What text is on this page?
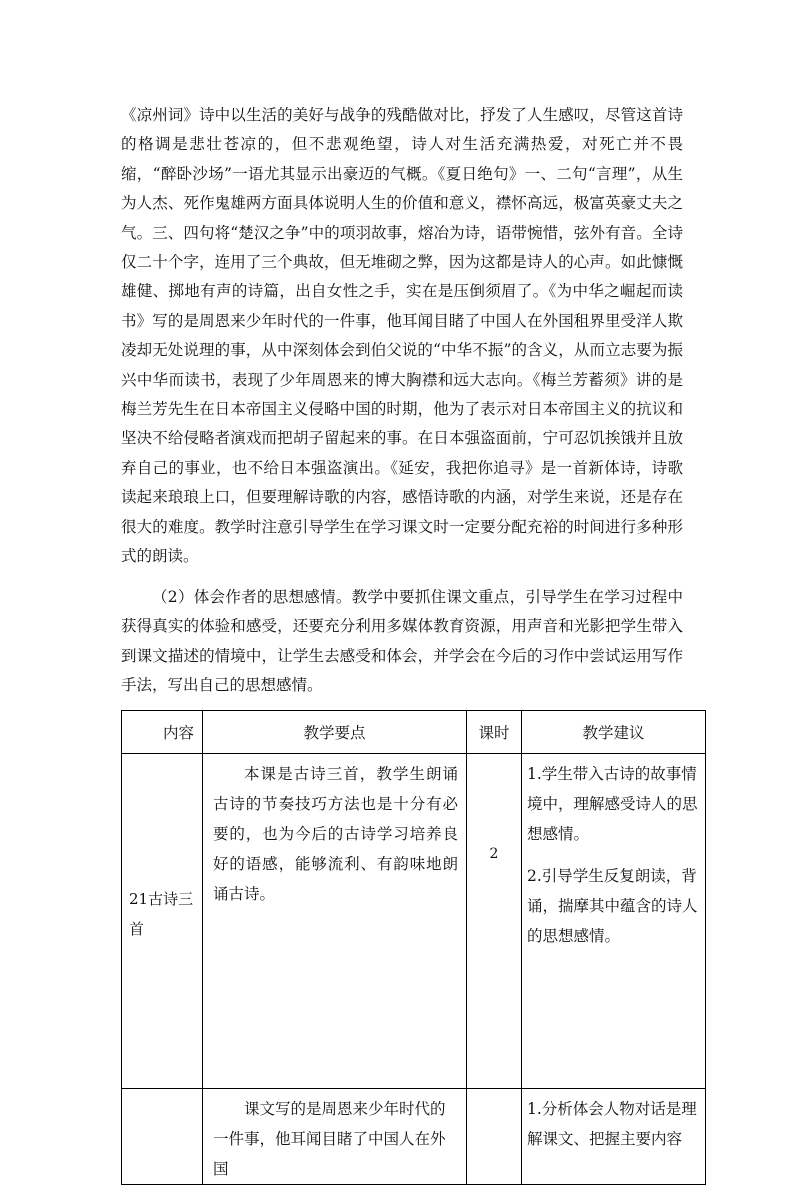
《凉州词》诗中以生活的美好与战争的残酷做对比，抒发了人生感叹，尽管这首诗的格调是悲壮苍凉的，但不悲观绝望，诗人对生活充满热爱，对死亡并不畏缩，“醉卧沙场”一语尤其显示出豪迈的气概。《夏日绝句》一、二句“言理”，从生为人杰、死作鬼雄两方面具体说明人生的价值和意义，襟怀高远，极富英豪丈夫之气。三、四句将“楚汉之争”中的项羽故事，熔冶为诗，语带惋惜，弦外有音。全诗仅二十个字，连用了三个典故，但无堆砌之弊，因为这都是诗人的心声。如此慷慨雄健、掷地有声的诗篇，出自女性之手，实在是压倒须眉了。《为中华之崛起而读书》写的是周恩来少年时代的一件事，他耳闻目睹了中国人在外国租界里受洋人欺凌却无处说理的事，从中深刻体会到伯父说的“中华不振”的含义，从而立志要为振兴中华而读书，表现了少年周恩来的博大胸襟和远大志向。《梅兰芳蓄须》讲的是梅兰芳先生在日本帝国主义侵略中国的时期，他为了表示对日本帝国主义的抗议和坚决不给侵略者演戏而把胡子留起来的事。在日本强盗面前，宁可忍饥挨饿并且放弃自己的事业，也不给日本强盗演出。《延安，我把你追寻》是一首新体诗，诗歌读起来琅琅上口，但要理解诗歌的内容，感悟诗歌的内涵，对学生来说，还是存在很大的难度。教学时注意引导学生在学习课文时一定要分配充裕的时间进行多种形式的朗读。

（2）体会作者的思想感情。教学中要抓住课文重点，引导学生在学习过程中获得真实的体验和感受，还要充分利用多媒体教育资源，用声音和光影把学生带入到课文描述的情境中，让学生去感受和体会，并学会在今后的习作中尝试运用写作手法，写出自己的思想感情。

内容	教学要点	课时	教学建议

21古诗三首	本课是古诗三首，教学生朗诵古诗的节奏技巧方法也是十分有必要的，也为今后的古诗学习培养良好的语感，能够流利、有韵味地朗诵古诗。	2	1.学生带入古诗的故事情境中，理解感受诗人的思想感情。

2.引导学生反复朗读，背诵，揣摩其中蕴含的诗人的思想感情。

	课文写的是周恩来少年时代的一件事，他耳闻目睹了中国人在外国		1.分析体会人物对话是理解课文、把握主要内容
